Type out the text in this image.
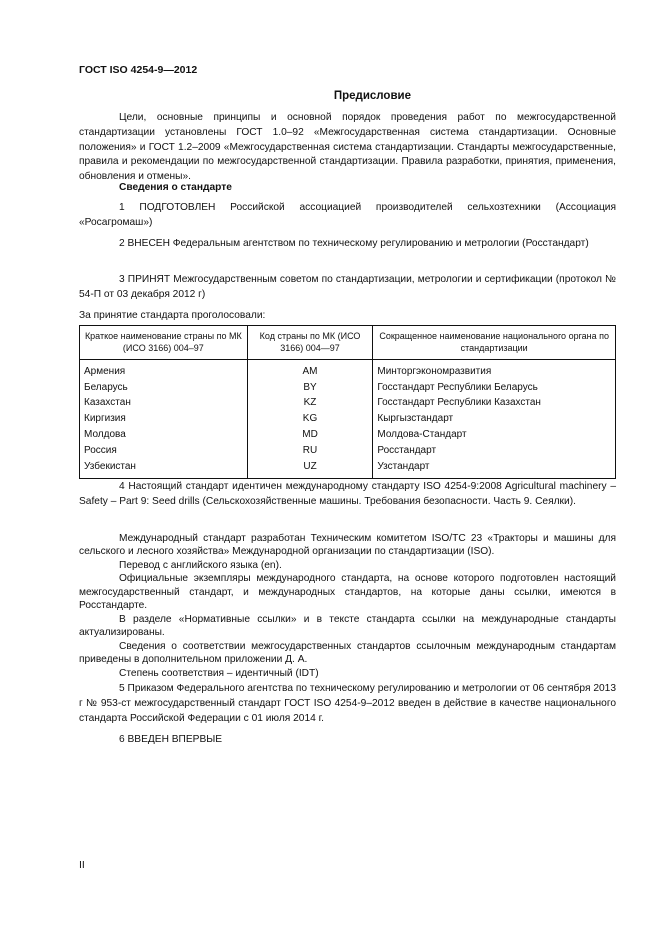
ГОСТ ISO 4254-9—2012
Предисловие

Цели, основные принципы и основной порядок проведения работ по межгосударственной стандартизации установлены ГОСТ 1.0–92 «Межгосударственная система стандартизации. Основные положения» и ГОСТ 1.2–2009 «Межгосударственная система стандартизации. Стандарты межгосударственные, правила и рекомендации по межгосударственной стандартизации. Правила разработки, принятия, применения, обновления и отмены».

Сведения о стандарте

1 ПОДГОТОВЛЕН Российской ассоциацией производителей сельхозтехники (Ассоциация «Росагромаш»)

2 ВНЕСЕН Федеральным агентством по техническому регулированию и метрологии (Росстандарт)

3 ПРИНЯТ Межгосударственным советом по стандартизации, метрологии и сертификации (протокол № 54-П от 03 декабря 2012 г)

За принятие стандарта проголосовали:
Краткое наименование страны по МК (ИСО 3166) 004–97	Код страны по МК (ИСО 3166) 004—97	Сокращенное наименование национального органа по стандартизации
Армения	AM	Минторгэкономразвития
Беларусь	BY	Госстандарт Республики Беларусь
Казахстан	KZ	Госстандарт Республики Казахстан
Киргизия	KG	Кыргызстандарт
Молдова	MD	Молдова-Стандарт
Россия	RU	Росстандарт
Узбекистан	UZ	Узстандарт

4 Настоящий стандарт идентичен международному стандарту ISO 4254-9:2008 Agricultural machinery – Safety – Part 9: Seed drills (Сельскохозяйственные машины. Требования безопасности. Часть 9. Сеялки).

Международный стандарт разработан Техническим комитетом ISO/TC 23 «Тракторы и машины для сельского и лесного хозяйства» Международной организации по стандартизации (ISO).

Перевод с английского языка (en).

Официальные экземпляры международного стандарта, на основе которого подготовлен настоящий межгосударственный стандарт, и международных стандартов, на которые даны ссылки, имеются в Росстандарте.

В разделе «Нормативные ссылки» и в тексте стандарта ссылки на международные стандарты актуализированы.

Сведения о соответствии межгосударственных стандартов ссылочным международным стандартам приведены в дополнительном приложении Д. А.

Степень соответствия – идентичный (IDT)

5 Приказом Федерального агентства по техническому регулированию и метрологии от 06 сентября 2013 г № 953-ст межгосударственный стандарт ГОСТ ISO 4254-9–2012 введен в действие в качестве национального стандарта Российской Федерации с 01 июля 2014 г.

6 ВВЕДЕН ВПЕРВЫЕ

II
